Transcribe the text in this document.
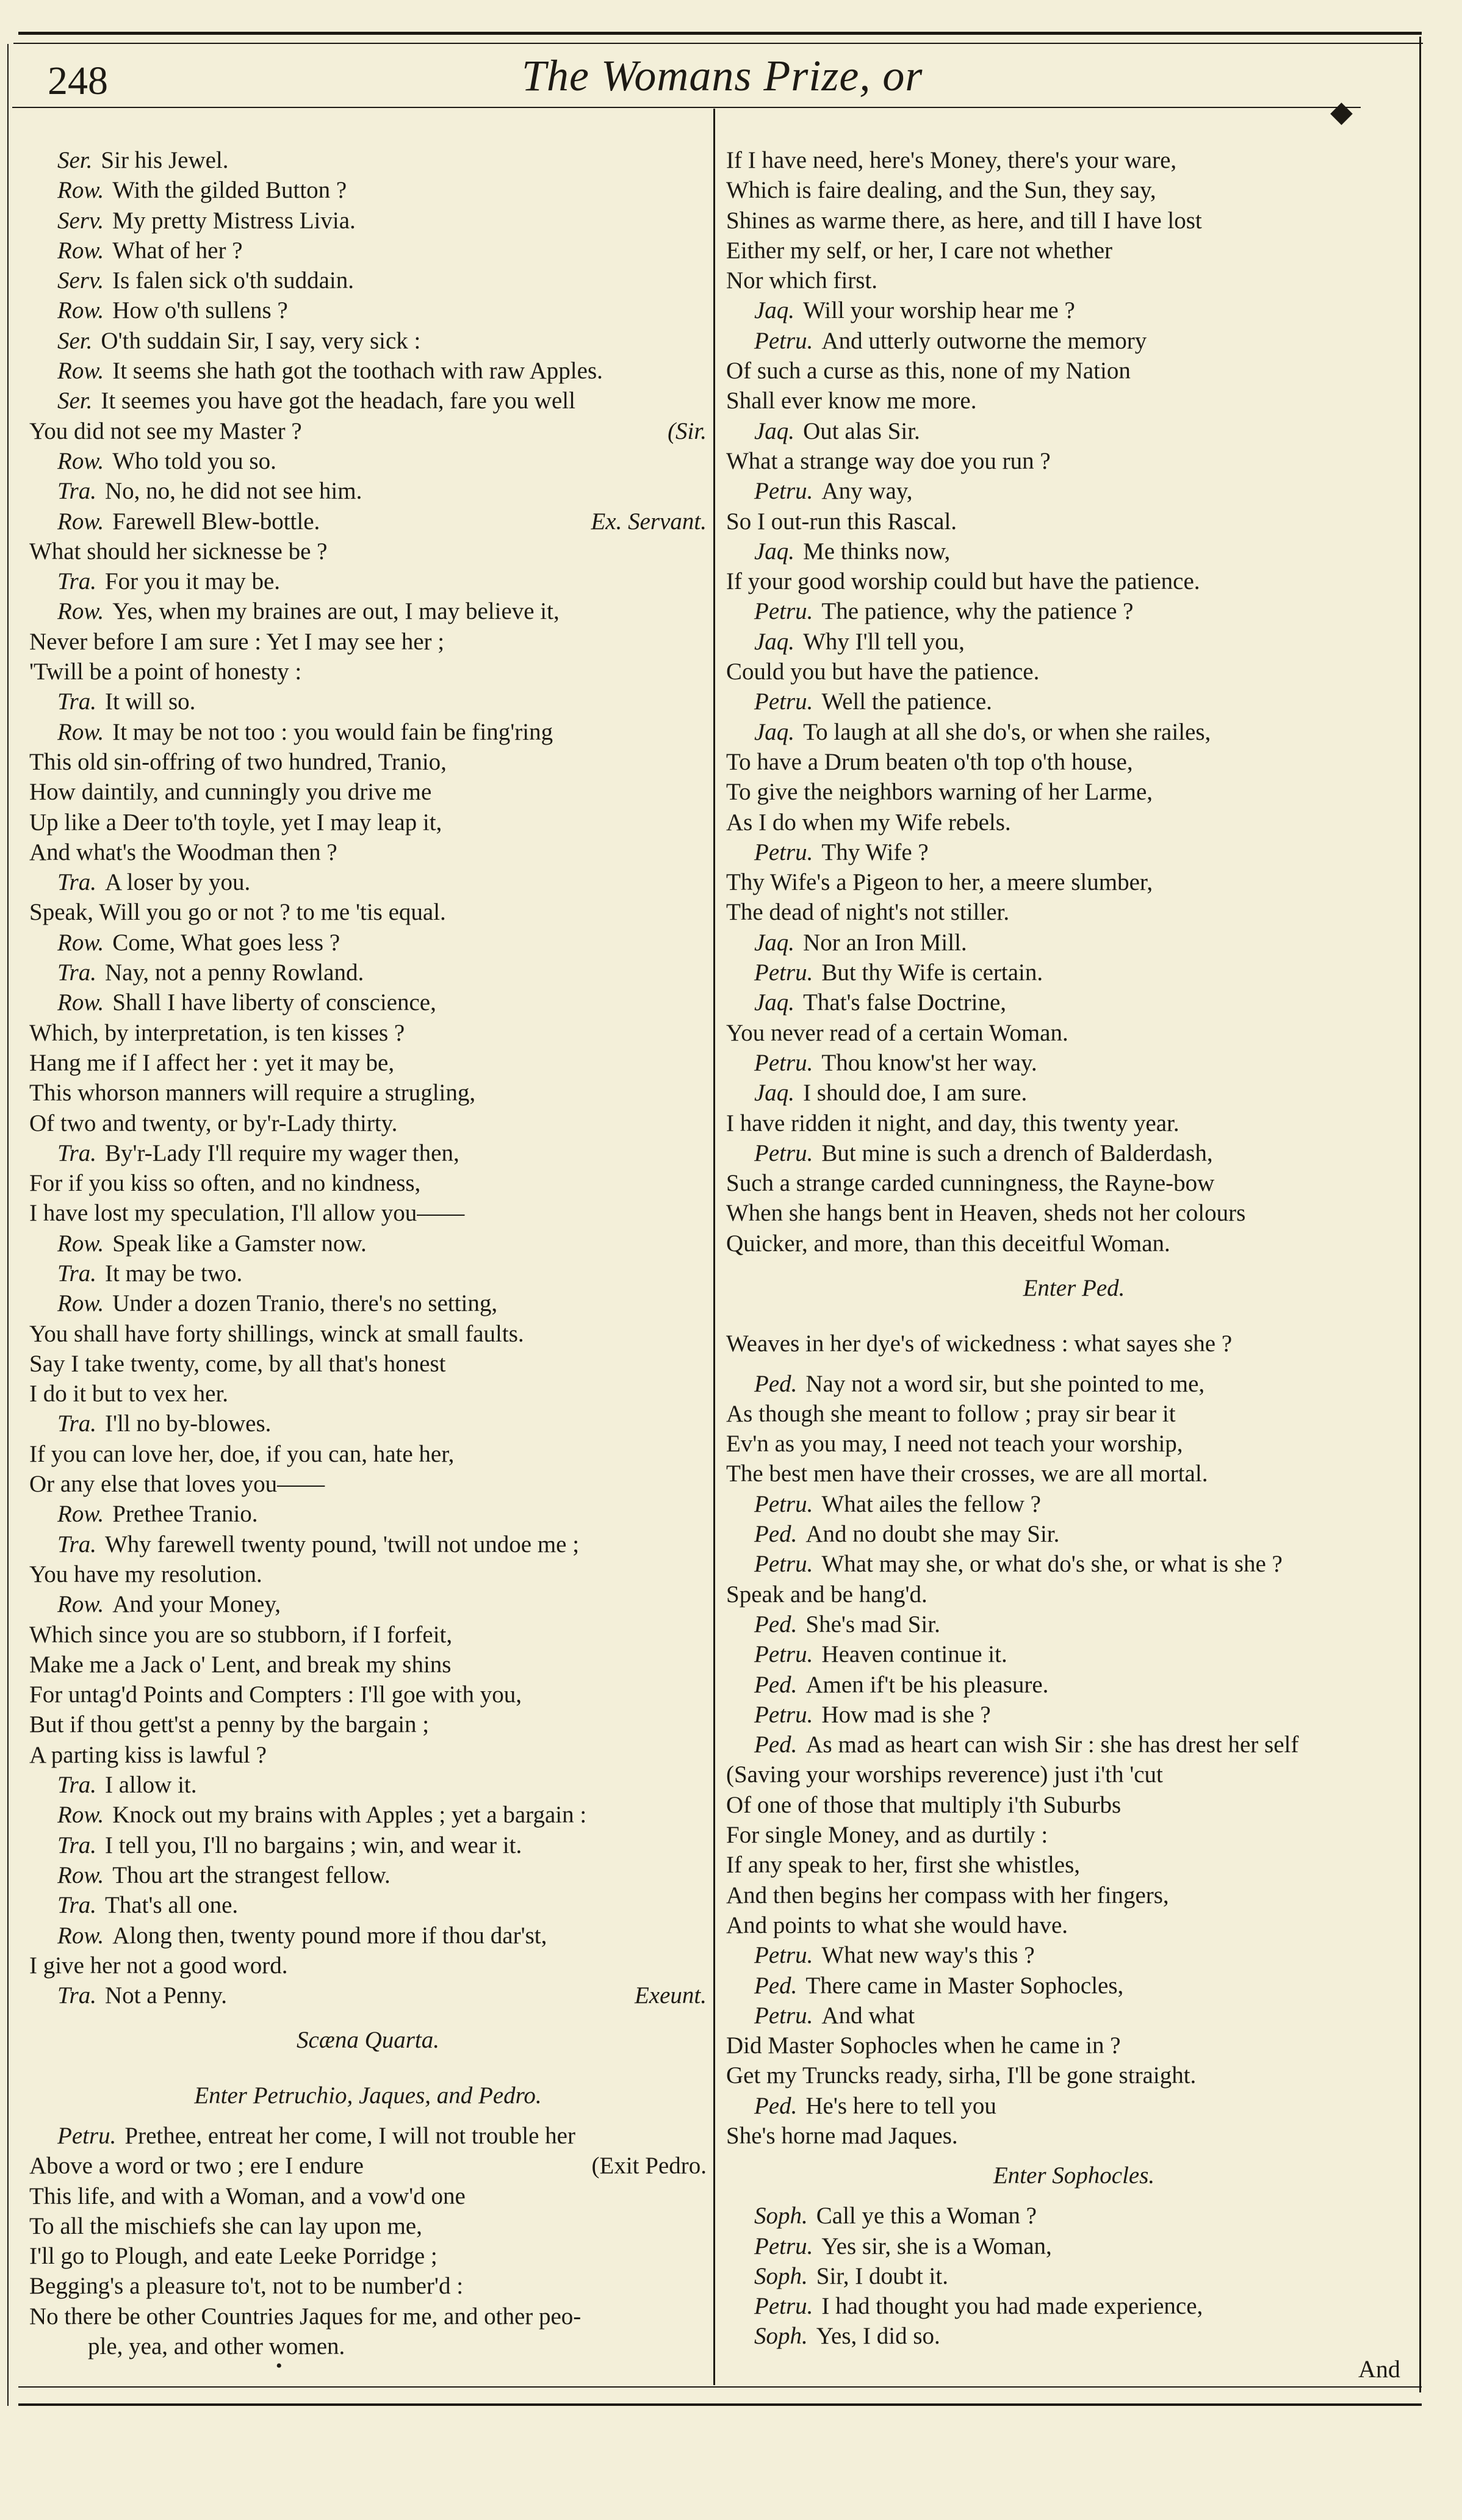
◆
248	The Womans Prize, or
Ser. Sir his Jewel.
Row. With the gilded Button ?
Serv. My pretty Mistress Livia.
Row. What of her ?
Serv. Is falen sick o'th suddain.
Row. How o'th sullens ?
Ser. O'th suddain Sir, I say, very sick :
Row. It seems she hath got the toothach with raw Apples.
Ser. It seemes you have got the headach, fare you well
You did not see my Master ?	(Sir.
Row. Who told you so.
Tra. No, no, he did not see him.
Row. Farewell Blew-bottle.	Ex. Servant.
What should her sicknesse be ?
Tra. For you it may be.
Row. Yes, when my braines are out, I may believe it,
Never before I am sure : Yet I may see her ;
'Twill be a point of honesty :
Tra. It will so.
Row. It may be not too : you would fain be fing'ring
This old sin-offring of two hundred, Tranio,
How daintily, and cunningly you drive me
Up like a Deer to'th toyle, yet I may leap it,
And what's the Woodman then ?
Tra. A loser by you.
Speak, Will you go or not ? to me 'tis equal.
Row. Come, What goes less ?
Tra. Nay, not a penny Rowland.
Row. Shall I have liberty of conscience,
Which, by interpretation, is ten kisses ?
Hang me if I affect her : yet it may be,
This whorson manners will require a strugling,
Of two and twenty, or by'r-Lady thirty.
Tra. By'r-Lady I'll require my wager then,
For if you kiss so often, and no kindness,
I have lost my speculation, I'll allow you——
Row. Speak like a Gamster now.
Tra. It may be two.
Row. Under a dozen Tranio, there's no setting,
You shall have forty shillings, winck at small faults.
Say I take twenty, come, by all that's honest
I do it but to vex her.
Tra. I'll no by-blowes.
If you can love her, doe, if you can, hate her,
Or any else that loves you——
Row. Prethee Tranio.
Tra. Why farewell twenty pound, 'twill not undoe me ;
You have my resolution.
Row. And your Money,
Which since you are so stubborn, if I forfeit,
Make me a Jack o' Lent, and break my shins
For untag'd Points and Compters : I'll goe with you,
But if thou gett'st a penny by the bargain ;
A parting kiss is lawful ?
Tra. I allow it.
Row. Knock out my brains with Apples ; yet a bargain :
Tra. I tell you, I'll no bargains ; win, and wear it.
Row. Thou art the strangest fellow.
Tra. That's all one.
Row. Along then, twenty pound more if thou dar'st,
I give her not a good word.
Tra. Not a Penny.	Exeunt.
Scæna Quarta.
Enter Petruchio, Jaques, and Pedro.
Petru. Prethee, entreat her come, I will not trouble her
Above a word or two ; ere I endure	(Exit Pedro.
This life, and with a Woman, and a vow'd one
To all the mischiefs she can lay upon me,
I'll go to Plough, and eate Leeke Porridge ;
Begging's a pleasure to't, not to be number'd :
No there be other Countries Jaques for me, and other peo-
ple, yea, and other women.
If I have need, here's Money, there's your ware,
Which is faire dealing, and the Sun, they say,
Shines as warme there, as here, and till I have lost
Either my self, or her, I care not whether
Nor which first.
Jaq. Will your worship hear me ?
Petru. And utterly outworne the memory
Of such a curse as this, none of my Nation
Shall ever know me more.
Jaq. Out alas Sir.
What a strange way doe you run ?
Petru. Any way,
So I out-run this Rascal.
Jaq. Me thinks now,
If your good worship could but have the patience.
Petru. The patience, why the patience ?
Jaq. Why I'll tell you,
Could you but have the patience.
Petru. Well the patience.
Jaq. To laugh at all she do's, or when she railes,
To have a Drum beaten o'th top o'th house,
To give the neighbors warning of her Larme,
As I do when my Wife rebels.
Petru. Thy Wife ?
Thy Wife's a Pigeon to her, a meere slumber,
The dead of night's not stiller.
Jaq. Nor an Iron Mill.
Petru. But thy Wife is certain.
Jaq. That's false Doctrine,
You never read of a certain Woman.
Petru. Thou know'st her way.
Jaq. I should doe, I am sure.
I have ridden it night, and day, this twenty year.
Petru. But mine is such a drench of Balderdash,
Such a strange carded cunningness, the Rayne-bow
When she hangs bent in Heaven, sheds not her colours
Quicker, and more, than this deceitful Woman.
Enter Ped.
Weaves in her dye's of wickedness : what sayes she ?
Ped. Nay not a word sir, but she pointed to me,
As though she meant to follow ; pray sir bear it
Ev'n as you may, I need not teach your worship,
The best men have their crosses, we are all mortal.
Petru. What ailes the fellow ?
Ped. And no doubt she may Sir.
Petru. What may she, or what do's she, or what is she ?
Speak and be hang'd.
Ped. She's mad Sir.
Petru. Heaven continue it.
Ped. Amen if't be his pleasure.
Petru. How mad is she ?
Ped. As mad as heart can wish Sir : she has drest her self
(Saving your worships reverence) just i'th 'cut
Of one of those that multiply i'th Suburbs
For single Money, and as durtily :
If any speak to her, first she whistles,
And then begins her compass with her fingers,
And points to what she would have.
Petru. What new way's this ?
Ped. There came in Master Sophocles,
Petru. And what
Did Master Sophocles when he came in ?
Get my Truncks ready, sirha, I'll be gone straight.
Ped. He's here to tell you
She's horne mad Jaques.
Enter Sophocles.
Soph. Call ye this a Woman ?
Petru. Yes sir, she is a Woman,
Soph. Sir, I doubt it.
Petru. I had thought you had made experience,
Soph. Yes, I did so.
•	And
